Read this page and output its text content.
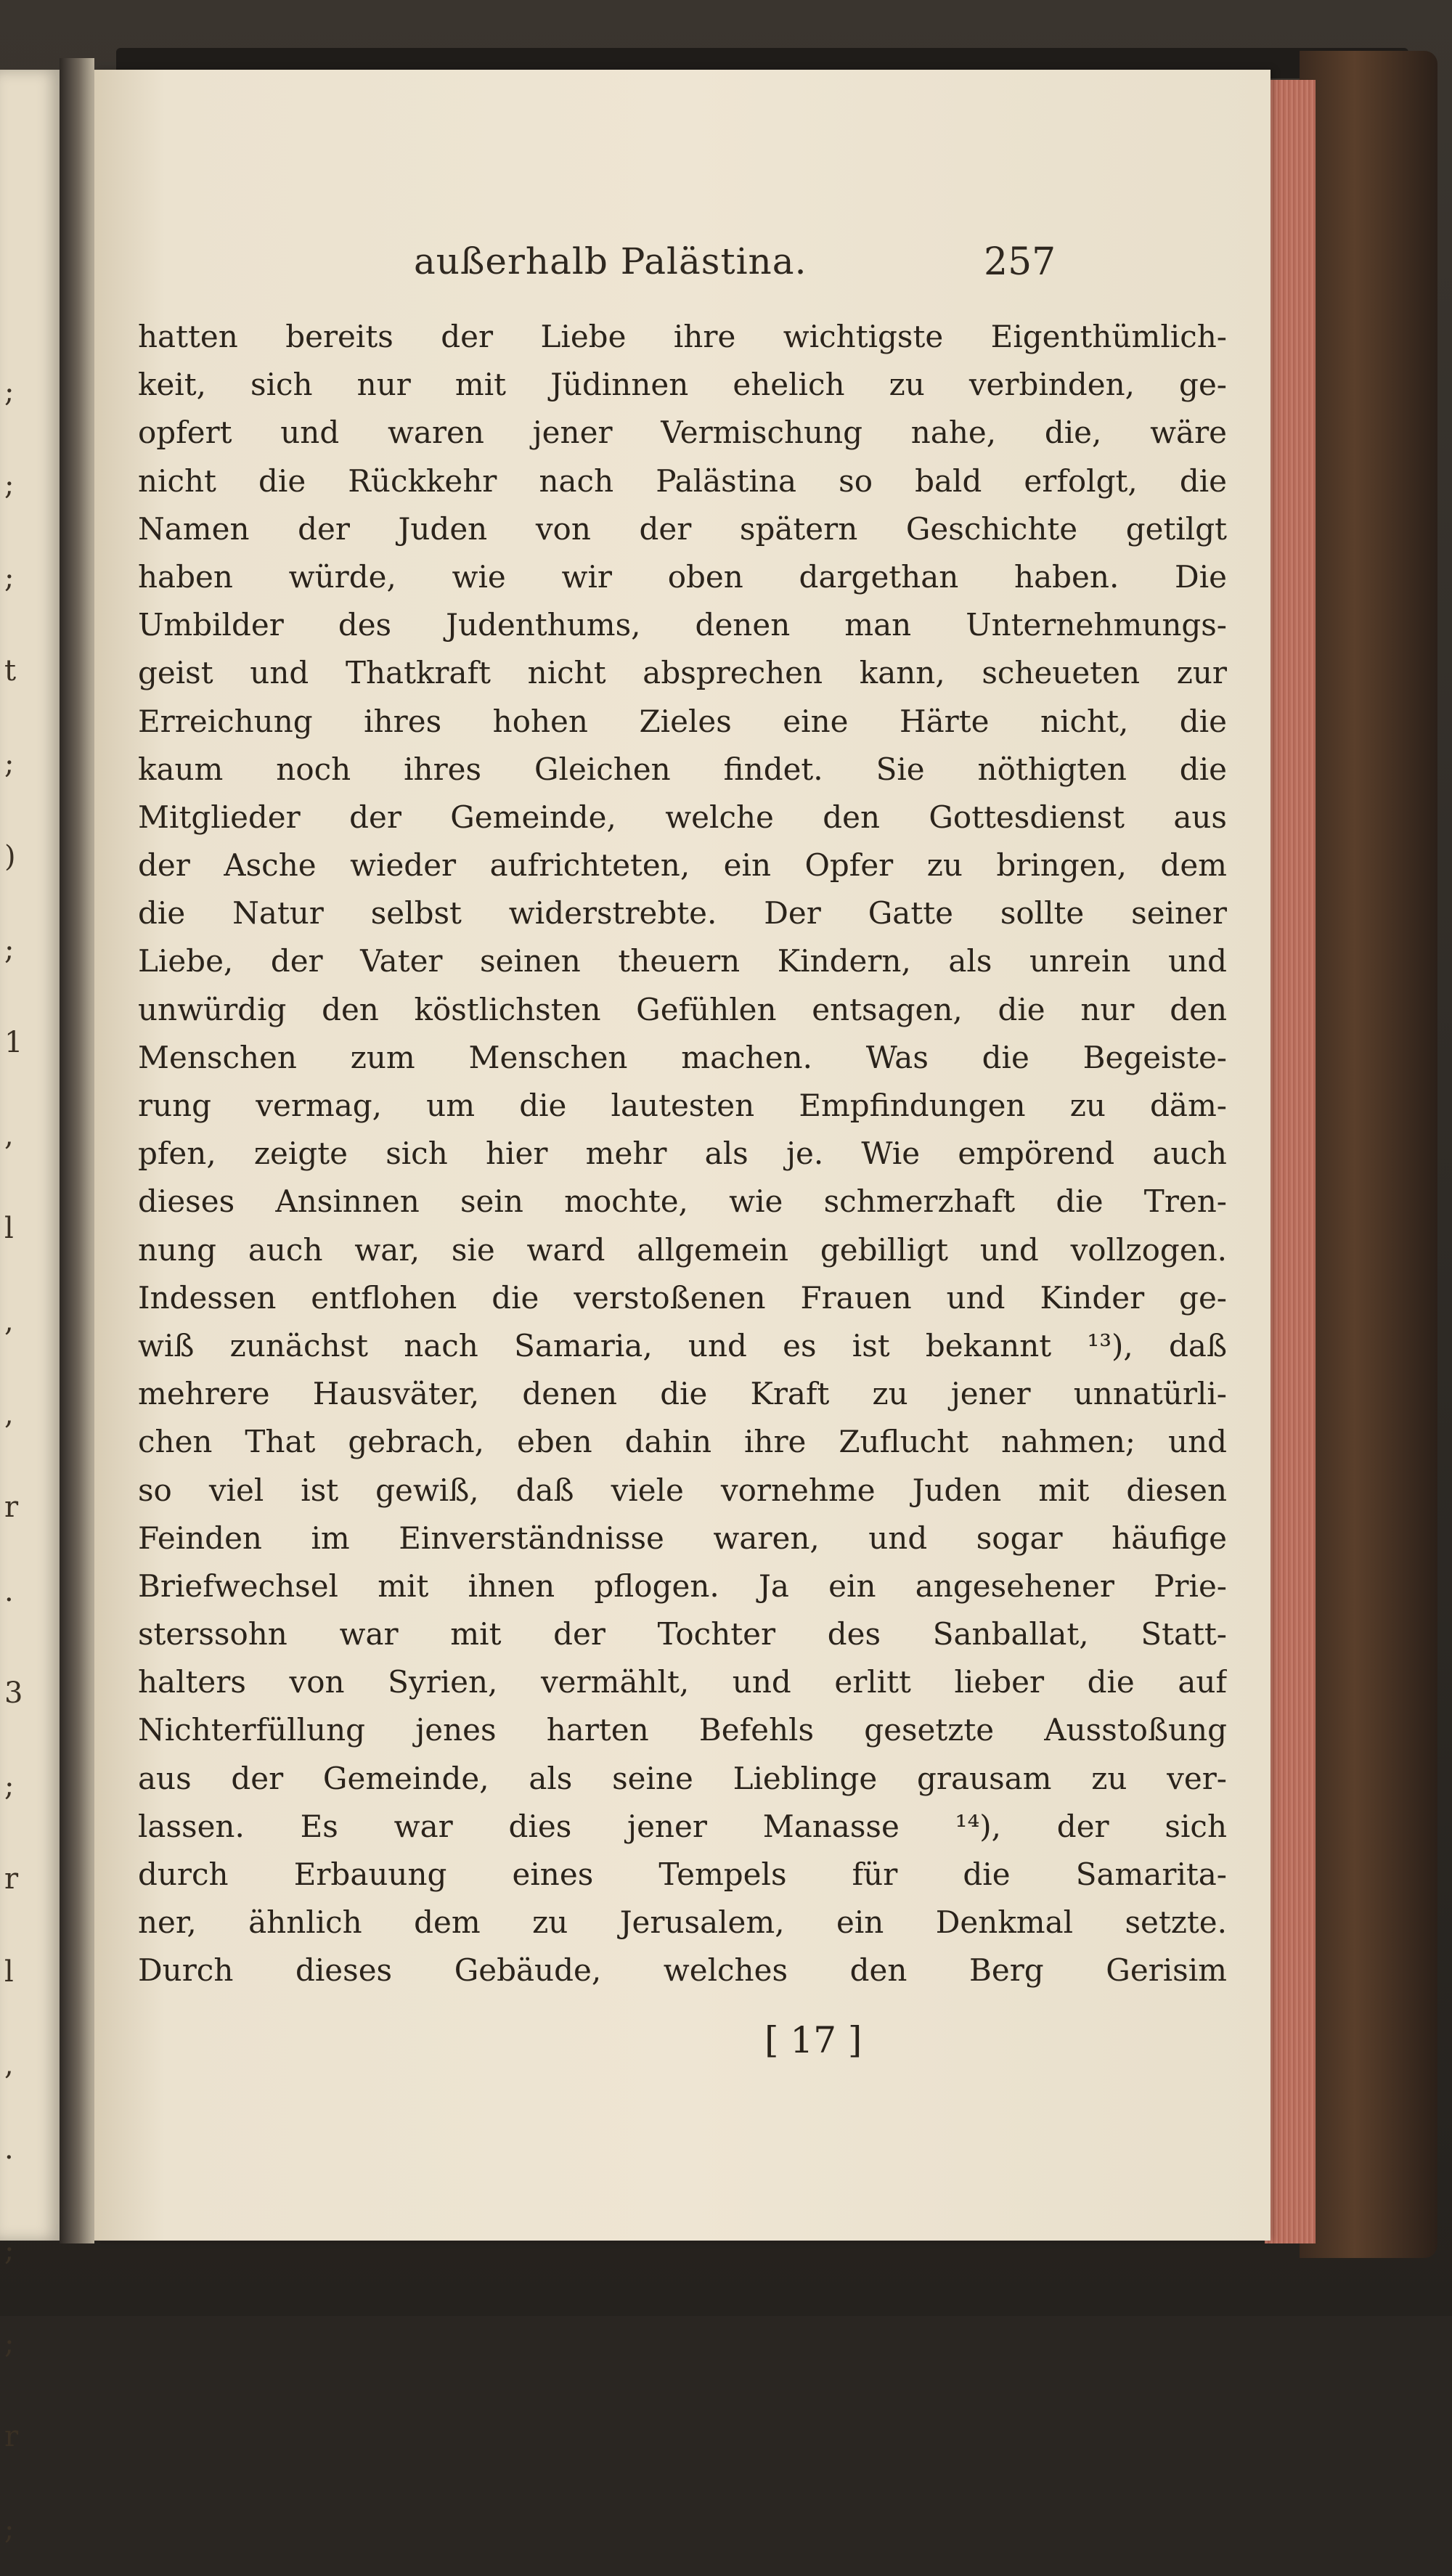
;
;
;
t
;
)
;
1
,
l
,
,
r
·
3
;
r
l
,
·
;
;
r
;
außerhalb Palästina.	257
hatten bereits der Liebe ihre wichtigste Eigenthümlich-
keit, sich nur mit Jüdinnen ehelich zu verbinden, ge-
opfert und waren jener Vermischung nahe, die, wäre
nicht die Rückkehr nach Palästina so bald erfolgt, die
Namen der Juden von der spätern Geschichte getilgt
haben würde, wie wir oben dargethan haben. Die
Umbilder des Judenthums, denen man Unternehmungs-
geist und Thatkraft nicht absprechen kann, scheueten zur
Erreichung ihres hohen Zieles eine Härte nicht, die
kaum noch ihres Gleichen findet. Sie nöthigten die
Mitglieder der Gemeinde, welche den Gottesdienst aus
der Asche wieder aufrichteten, ein Opfer zu bringen, dem
die Natur selbst widerstrebte. Der Gatte sollte seiner
Liebe, der Vater seinen theuern Kindern, als unrein und
unwürdig den köstlichsten Gefühlen entsagen, die nur den
Menschen zum Menschen machen. Was die Begeiste-
rung vermag, um die lautesten Empfindungen zu däm-
pfen, zeigte sich hier mehr als je. Wie empörend auch
dieses Ansinnen sein mochte, wie schmerzhaft die Tren-
nung auch war, sie ward allgemein gebilligt und vollzogen.
Indessen entflohen die verstoßenen Frauen und Kinder ge-
wiß zunächst nach Samaria, und es ist bekannt ¹³), daß
mehrere Hausväter, denen die Kraft zu jener unnatürli-
chen That gebrach, eben dahin ihre Zuflucht nahmen; und
so viel ist gewiß, daß viele vornehme Juden mit diesen
Feinden im Einverständnisse waren, und sogar häufige
Briefwechsel mit ihnen pflogen. Ja ein angesehener Prie-
sterssohn war mit der Tochter des Sanballat, Statt-
halters von Syrien, vermählt, und erlitt lieber die auf
Nichterfüllung jenes harten Befehls gesetzte Ausstoßung
aus der Gemeinde, als seine Lieblinge grausam zu ver-
lassen. Es war dies jener Manasse ¹⁴), der sich
durch Erbauung eines Tempels für die Samarita-
ner, ähnlich dem zu Jerusalem, ein Denkmal setzte.
Durch dieses Gebäude, welches den Berg Gerisim
[ 17 ]
